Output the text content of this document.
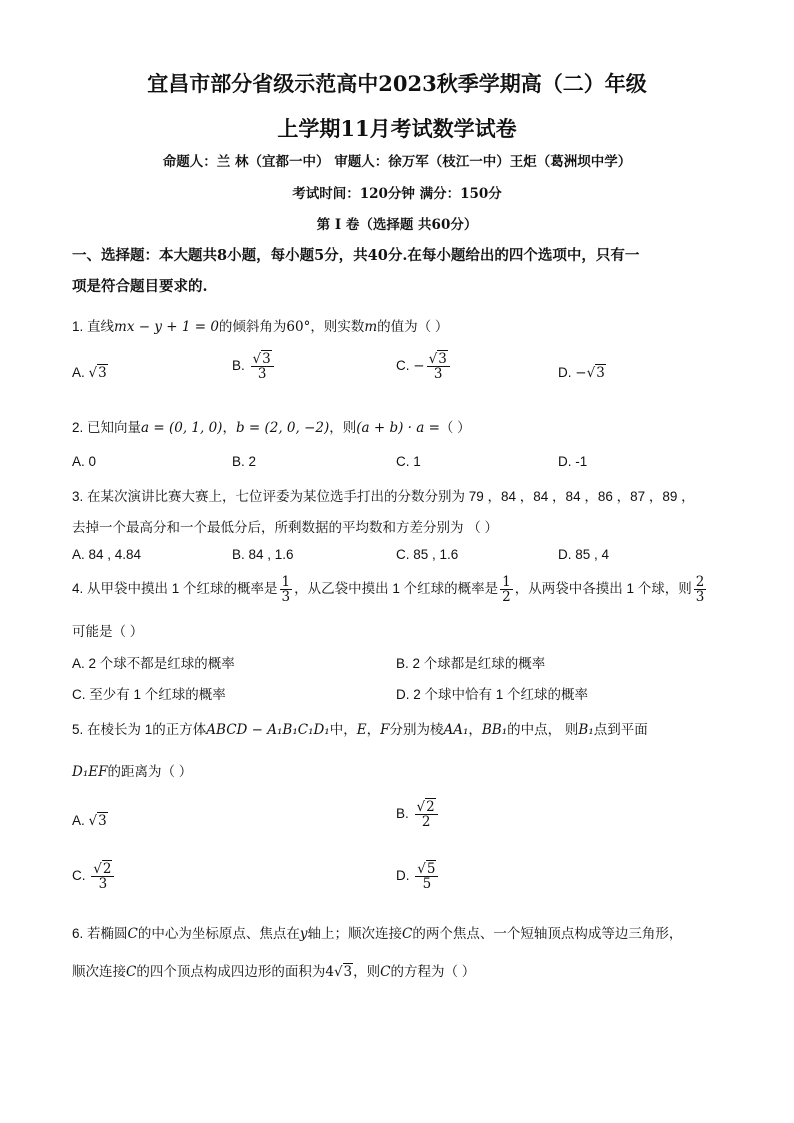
宜昌市部分省级示范高中2023秋季学期高（二）年级
上学期11月考试数学试卷
命题人：兰 林（宜都一中） 审题人：徐万军（枝江一中）王炬（葛洲坝中学）
考试时间：120分钟 满分：150分
第 I 卷（选择题 共60分）
一、选择题：本大题共8小题，每小题5分，共40分.在每小题给出的四个选项中，只有一
项是符合题目要求的.
1. 直线mx − y + 1 = 0的倾斜角为60°，则实数m的值为（ ）
A. √3	B. $\frac{√3}{3}$	C. − $\frac{√3}{3}$	D. −√3
2. 已知向量a = (0, 1, 0)，b = (2, 0, −2)，则(a + b) · a =（ ）
A. 0	B. 2	C. 1	D. -1
3. 在某次演讲比赛大赛上，七位评委为某位选手打出的分数分别为 79 ，84 ，84 ，84 ，86 ，87 ，89 ，
去掉一个最高分和一个最低分后，所剩数据的平均数和方差分别为 （ ）
A. 84 , 4.84	B. 84 , 1.6	C. 85 , 1.6	D. 85 , 4
4. 从甲袋中摸出 1 个红球的概率是 $\frac{1}{3}$ ，从乙袋中摸出 1 个红球的概率是 $\frac{1}{2}$ ，从两袋中各摸出 1 个球，则 $\frac{2}{3}$
可能是（ ）
A. 2 个球不都是红球的概率	B. 2 个球都是红球的概率
C. 至少有 1 个红球的概率	D. 2 个球中恰有 1 个红球的概率
5. 在棱长为 1的正方体ABCD − A₁B₁C₁D₁中，E，F分别为棱AA₁，BB₁的中点， 则B₁点到平面
D₁EF的距离为（ ）
A. √3	B. $\frac{√2}{2}$
C. $\frac{√2}{3}$	D. $\frac{√5}{5}$
6. 若椭圆C的中心为坐标原点、焦点在y轴上；顺次连接C的两个焦点、一个短轴顶点构成等边三角形，
顺次连接C的四个顶点构成四边形的面积为4√3，则C的方程为（ ）
